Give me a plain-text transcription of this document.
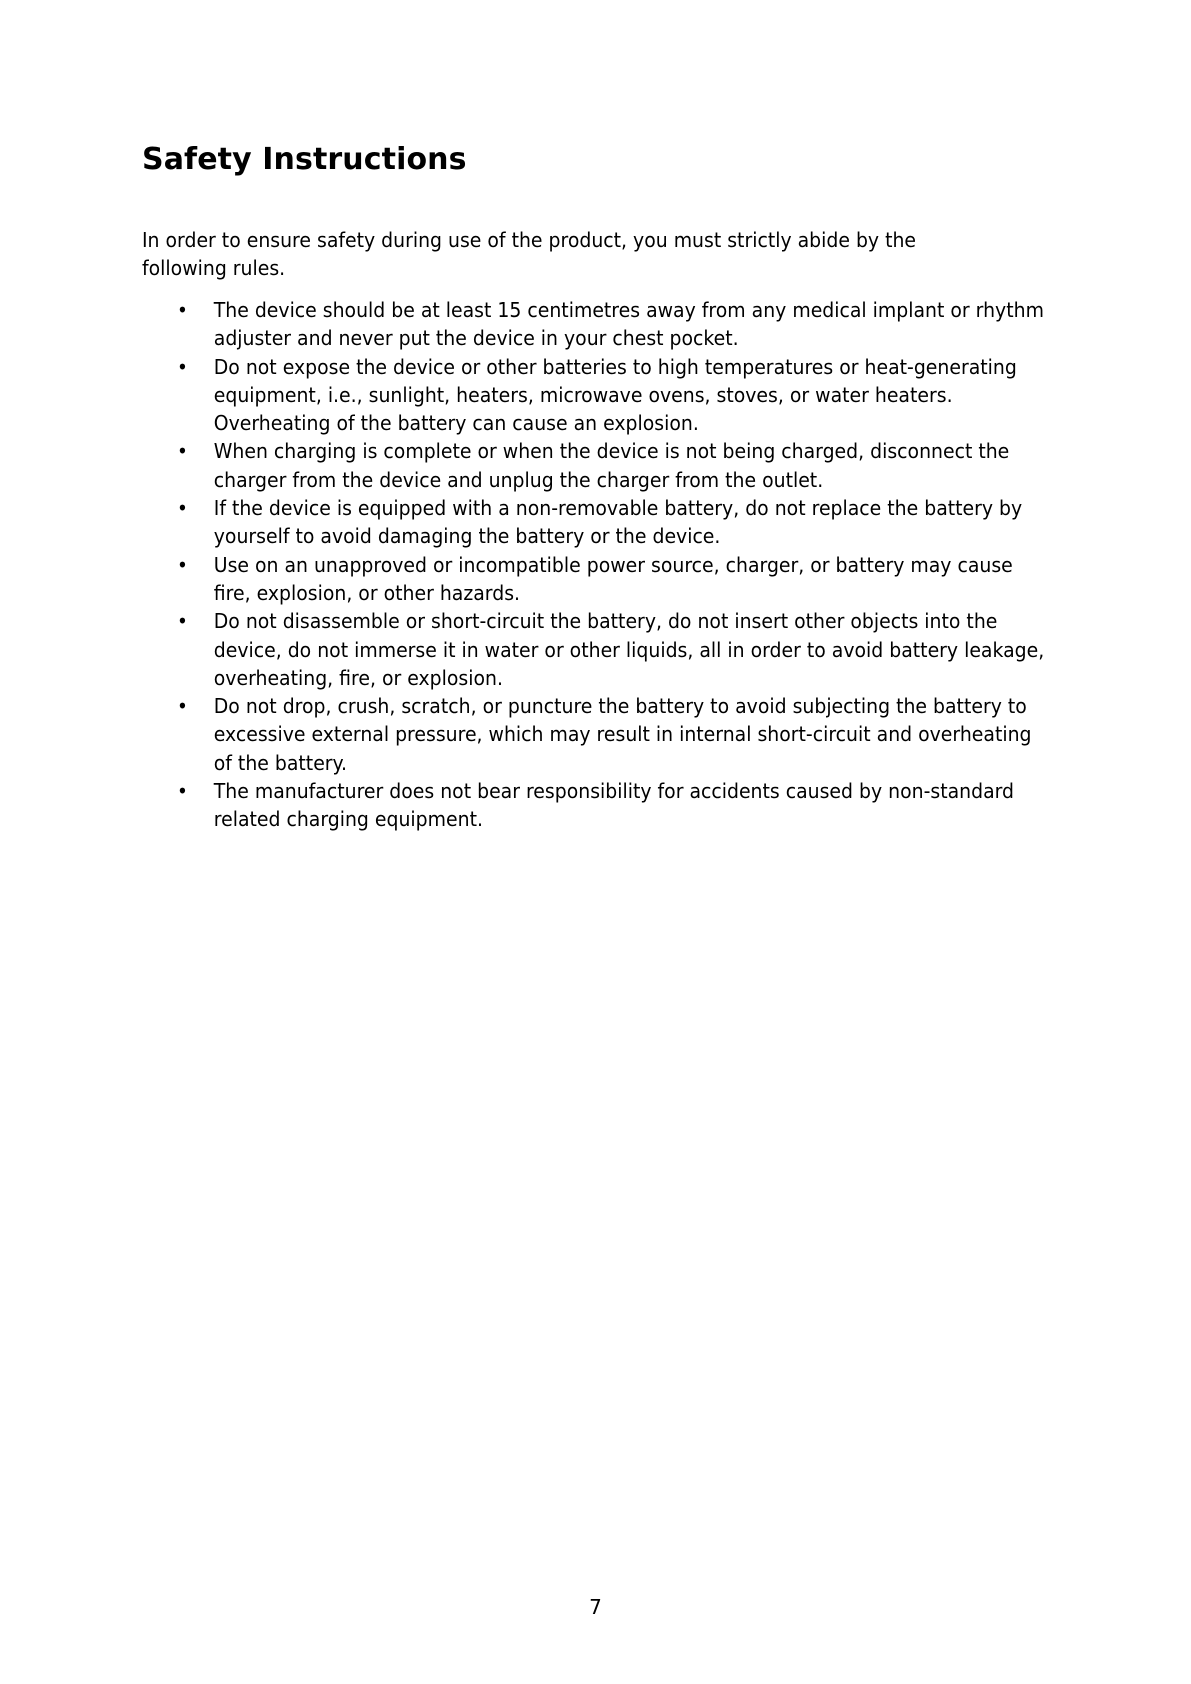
Safety Instructions

In order to ensure safety during use of the product, you must strictly abide by the following rules.

• The device should be at least 15 centimetres away from any medical implant or rhythm adjuster and never put the device in your chest pocket.
• Do not expose the device or other batteries to high temperatures or heat-generating equipment, i.e., sunlight, heaters, microwave ovens, stoves, or water heaters. Overheating of the battery can cause an explosion.
• When charging is complete or when the device is not being charged, disconnect the charger from the device and unplug the charger from the outlet.
• If the device is equipped with a non-removable battery, do not replace the battery by yourself to avoid damaging the battery or the device.
• Use on an unapproved or incompatible power source, charger, or battery may cause fire, explosion, or other hazards.
• Do not disassemble or short-circuit the battery, do not insert other objects into the device, do not immerse it in water or other liquids, all in order to avoid battery leakage, overheating, fire, or explosion.
• Do not drop, crush, scratch, or puncture the battery to avoid subjecting the battery to excessive external pressure, which may result in internal short-circuit and overheating of the battery.
• The manufacturer does not bear responsibility for accidents caused by non-standard related charging equipment.
7
